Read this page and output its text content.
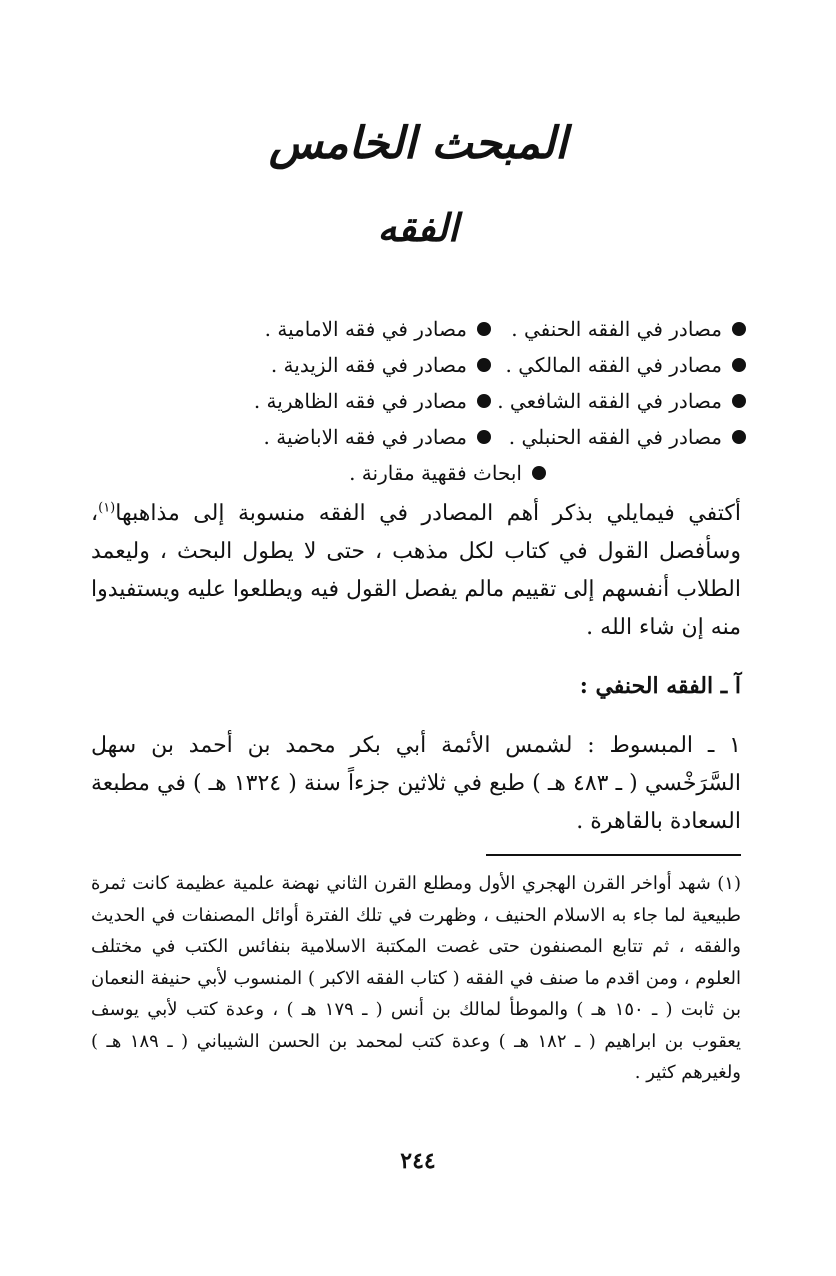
المبحث الخامس
الفقه
مصادر في الفقه الحنفي .
مصادر في فقه الامامية .
مصادر في الفقه المالكي .
مصادر في فقه الزيدية .
مصادر في الفقه الشافعي .
مصادر في فقه الظاهرية .
مصادر في الفقه الحنبلي .
مصادر في فقه الاباضية .
ابحاث فقهية مقارنة .

أكتفي فيمايلي بذكر أهم المصادر في الفقه منسوبة إلى مذاهبها$^{(١)}$، وسأفصل القول في كتاب لكل مذهب ، حتى لا يطول البحث ، وليعمد الطلاب أنفسهم إلى تقييم مالم يفصل القول فيه ويطلعوا عليه ويستفيدوا منه إن شاء الله .

آ ـ الفقه الحنفي :

١ ـ المبسوط : لشمس الأئمة أبي بكر محمد بن أحمد بن سهل السَّرَخْسي ( ـ ٤٨٣ هـ ) طبع في ثلاثين جزءاً سنة ( ١٣٢٤ هـ ) في مطبعة السعادة بالقاهرة .

(١) شهد أواخر القرن الهجري الأول ومطلع القرن الثاني نهضة علمية عظيمة كانت ثمرة طبيعية لما جاء به الاسلام الحنيف ، وظهرت في تلك الفترة أوائل المصنفات في الحديث والفقه ، ثم تتابع المصنفون حتى غصت المكتبة الاسلامية بنفائس الكتب في مختلف العلوم ، ومن اقدم ما صنف في الفقه ( كتاب الفقه الاكبر ) المنسوب لأبي حنيفة النعمان بن ثابت ( ـ ١٥٠ هـ ) والموطأ لمالك بن أنس ( ـ ١٧٩ هـ ) ، وعدة كتب لأبي يوسف يعقوب بن ابراهيم ( ـ ١٨٢ هـ ) وعدة كتب لمحمد بن الحسن الشيباني ( ـ ١٨٩ هـ ) ولغيرهم كثير .

٢٤٤
